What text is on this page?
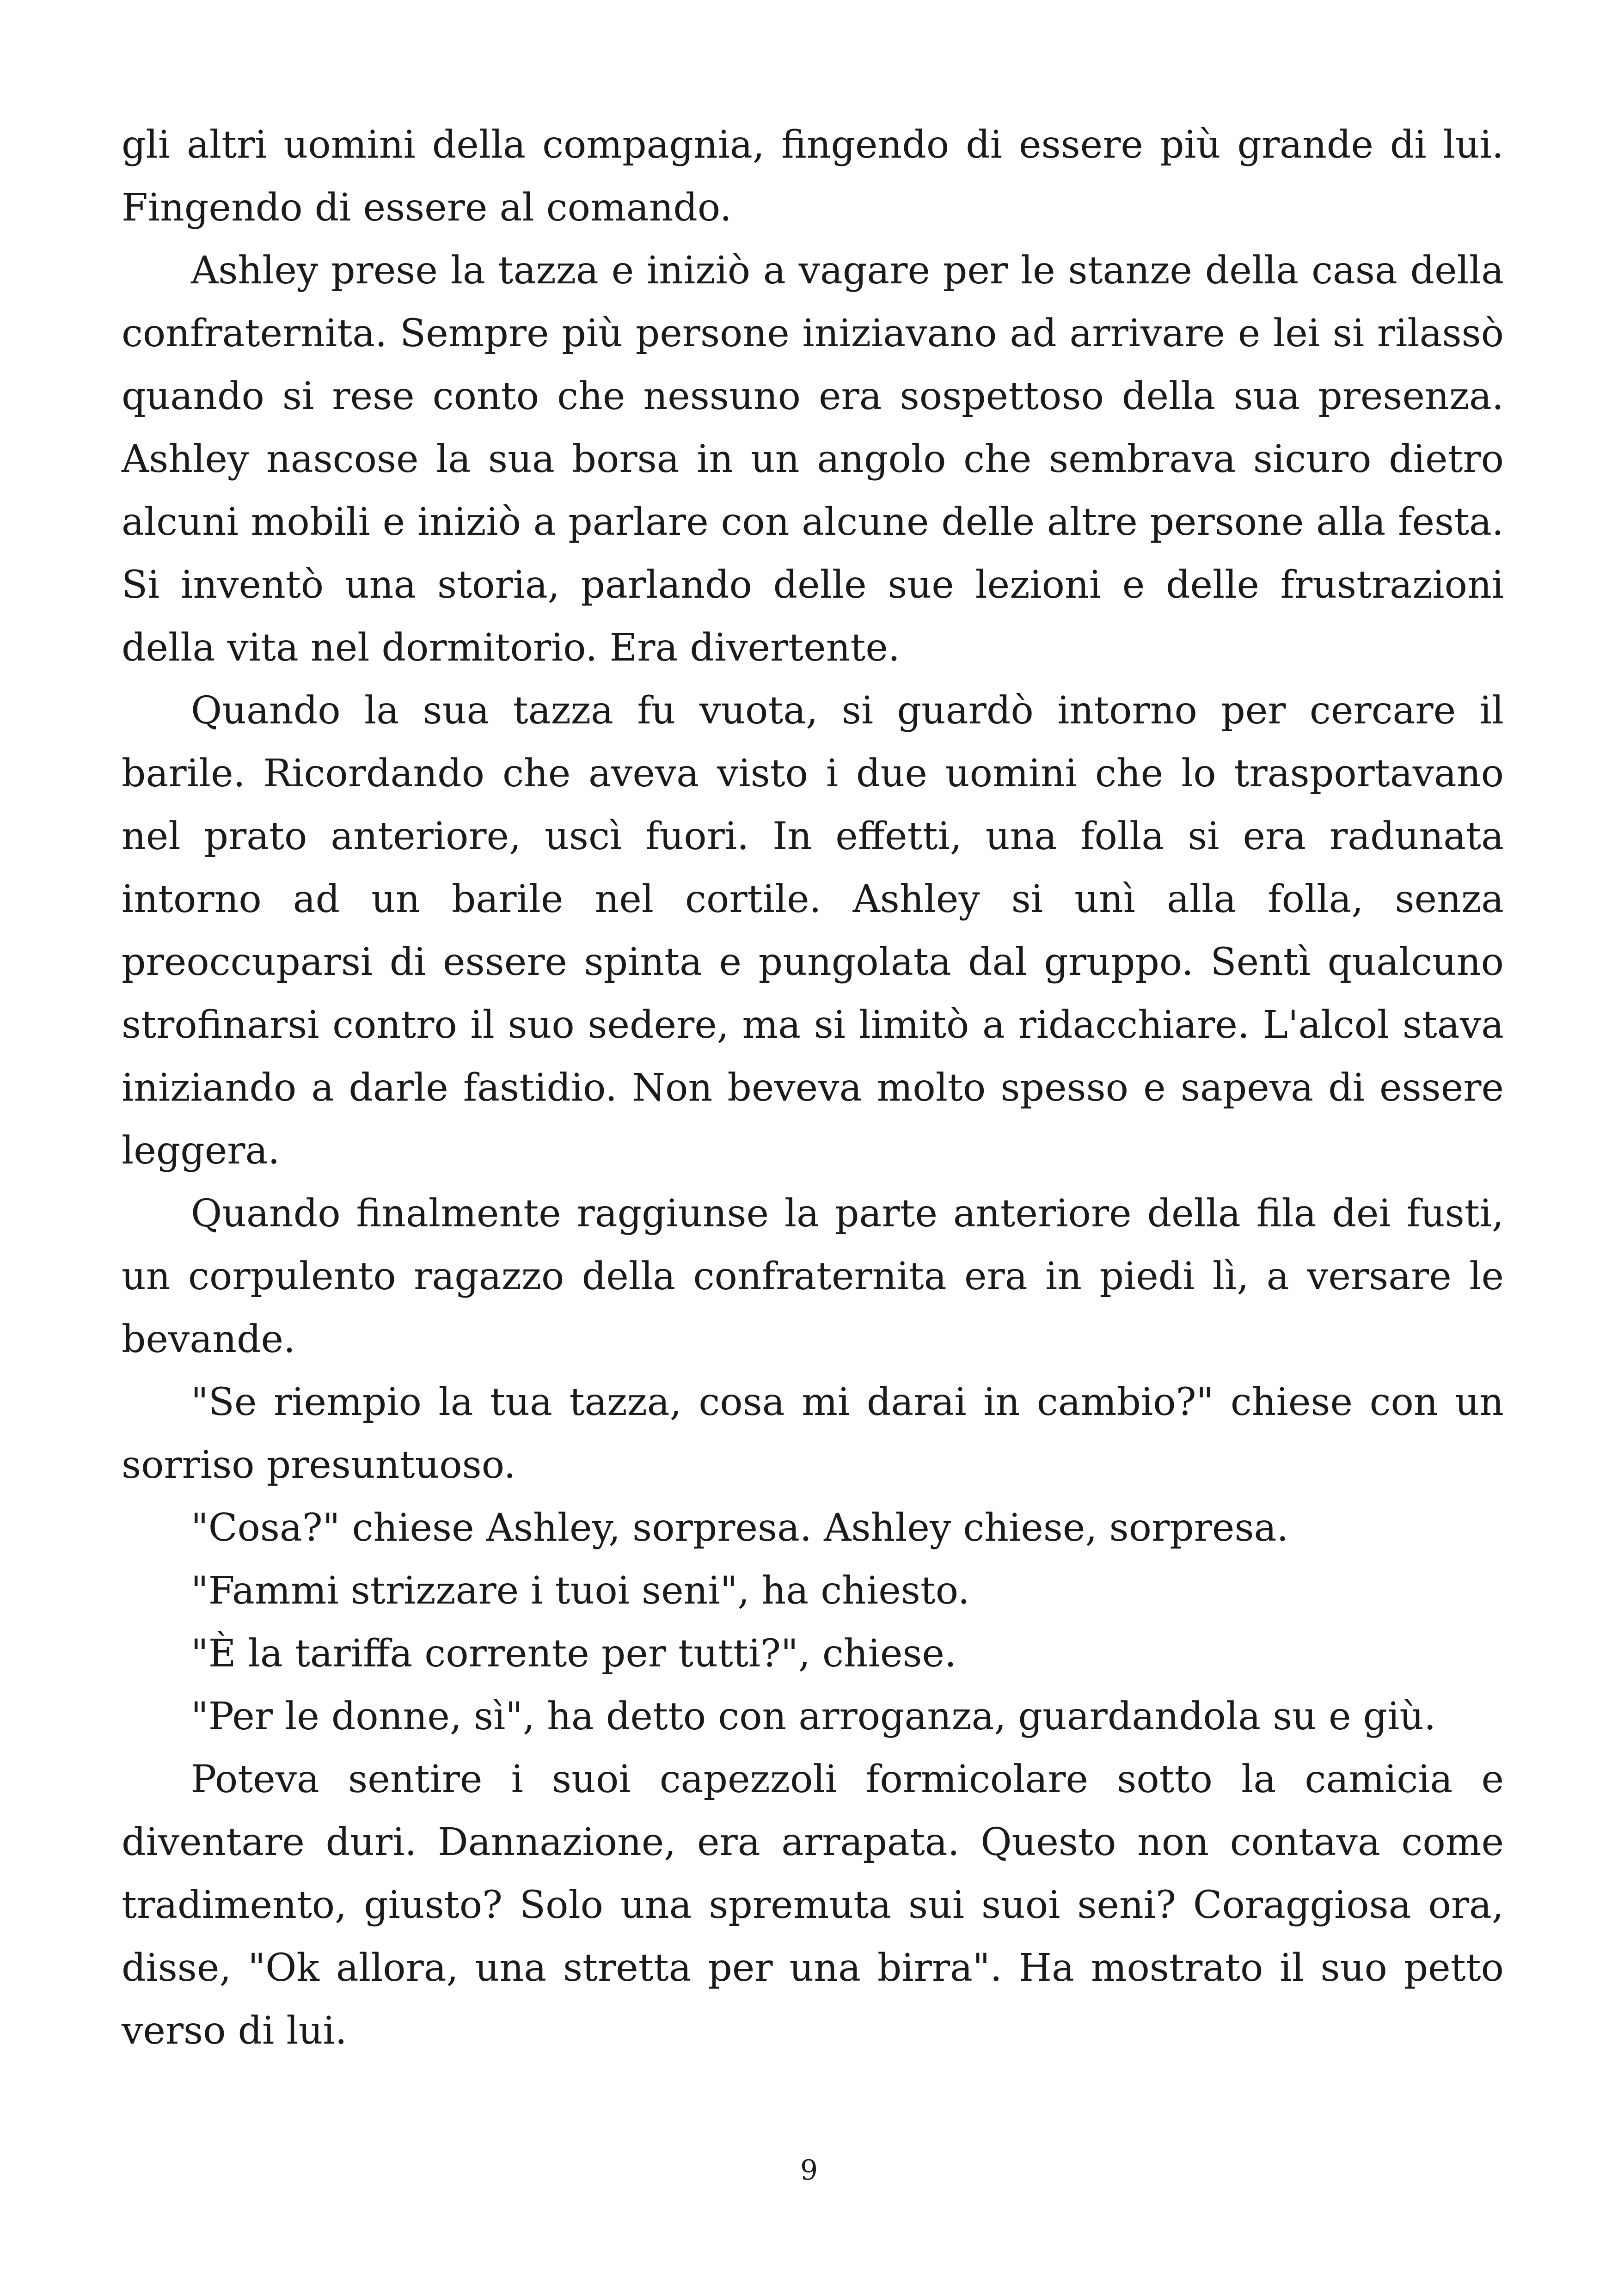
gli altri uomini della compagnia, fingendo di essere più grande di lui. Fingendo di essere al comando.

Ashley prese la tazza e iniziò a vagare per le stanze della casa della confraternita. Sempre più persone iniziavano ad arrivare e lei si rilassò quando si rese conto che nessuno era sospettoso della sua presenza. Ashley nascose la sua borsa in un angolo che sembrava sicuro dietro alcuni mobili e iniziò a parlare con alcune delle altre persone alla festa. Si inventò una storia, parlando delle sue lezioni e delle frustrazioni della vita nel dormitorio. Era divertente.

Quando la sua tazza fu vuota, si guardò intorno per cercare il barile. Ricordando che aveva visto i due uomini che lo trasportavano nel prato anteriore, uscì fuori. In effetti, una folla si era radunata intorno ad un barile nel cortile. Ashley si unì alla folla, senza preoccuparsi di essere spinta e pungolata dal gruppo. Sentì qualcuno strofinarsi contro il suo sedere, ma si limitò a ridacchiare. L'alcol stava iniziando a darle fastidio. Non beveva molto spesso e sapeva di essere leggera.

Quando finalmente raggiunse la parte anteriore della fila dei fusti, un corpulento ragazzo della confraternita era in piedi lì, a versare le bevande.

"Se riempio la tua tazza, cosa mi darai in cambio?" chiese con un sorriso presuntuoso.

"Cosa?" chiese Ashley, sorpresa. Ashley chiese, sorpresa.

"Fammi strizzare i tuoi seni", ha chiesto.

"È la tariffa corrente per tutti?", chiese.

"Per le donne, sì", ha detto con arroganza, guardandola su e giù.

Poteva sentire i suoi capezzoli formicolare sotto la camicia e diventare duri. Dannazione, era arrapata. Questo non contava come tradimento, giusto? Solo una spremuta sui suoi seni? Coraggiosa ora, disse, "Ok allora, una stretta per una birra". Ha mostrato il suo petto verso di lui.

9
